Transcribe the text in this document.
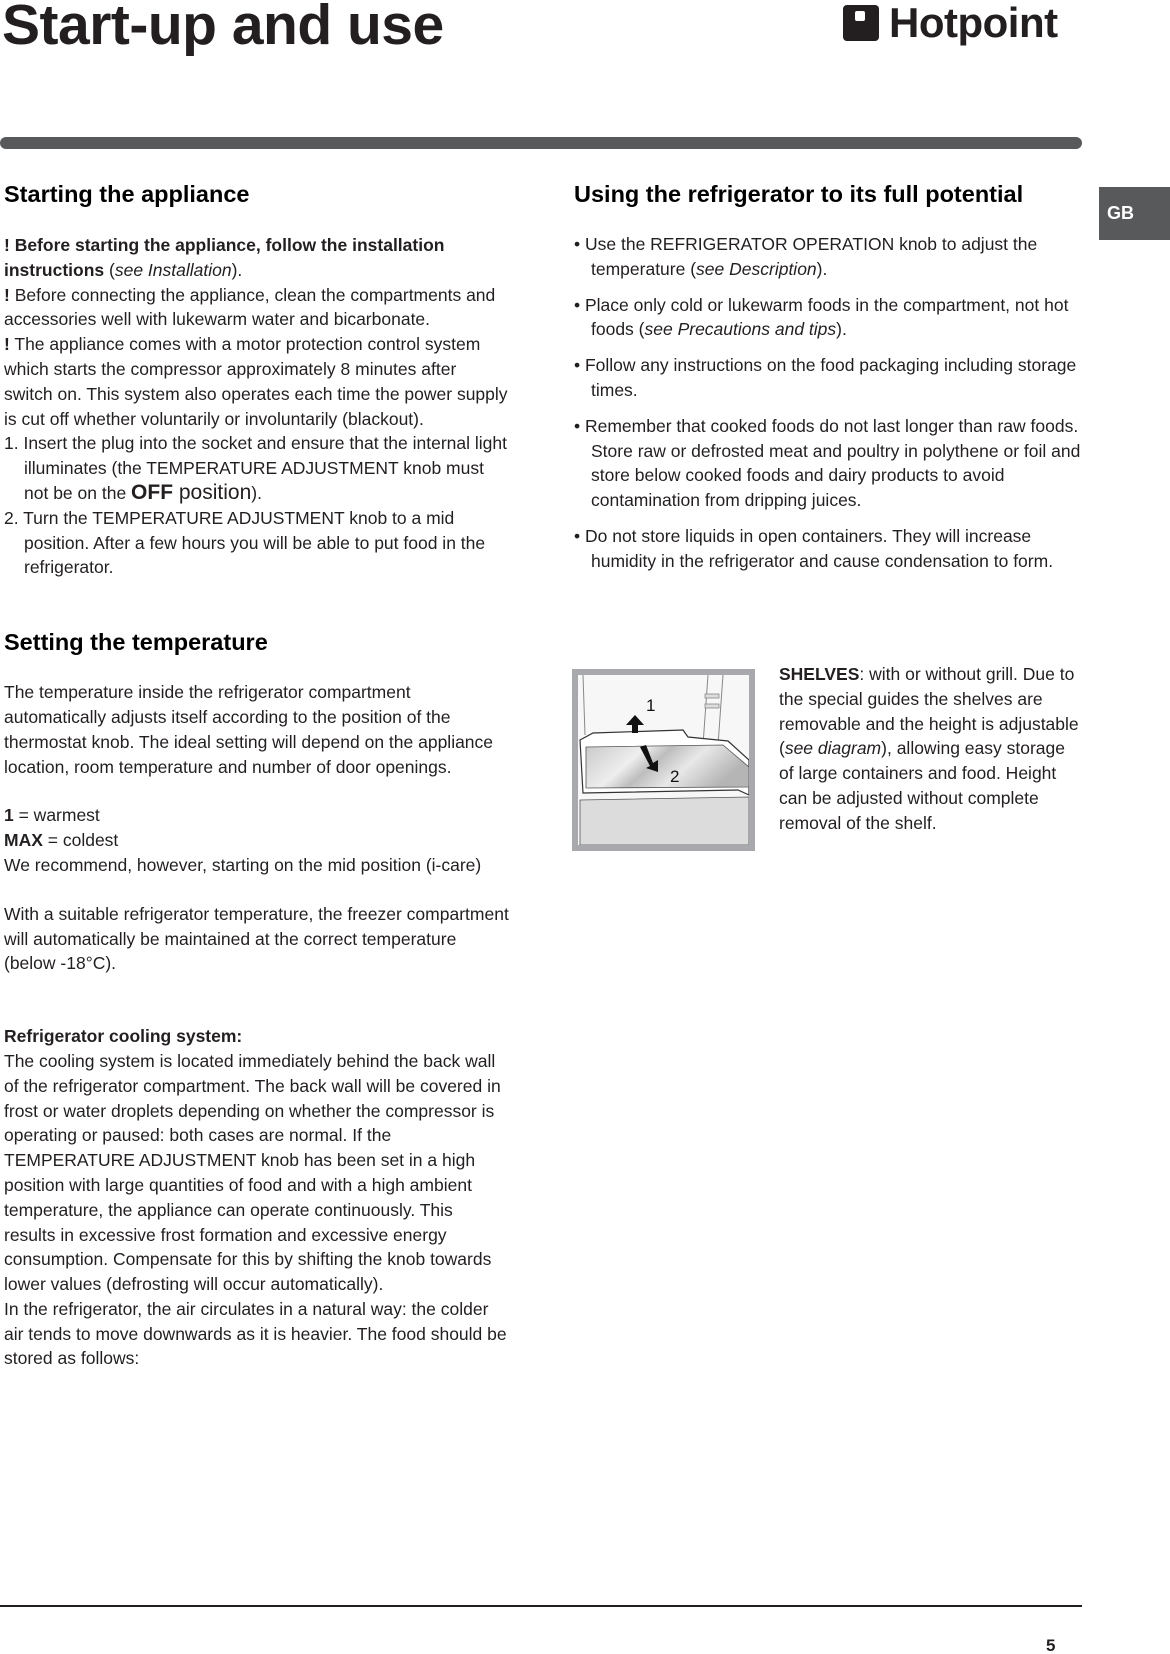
Start-up and use	Hotpoint
GB
Starting the appliance

! Before starting the appliance, follow the installation instructions (see Installation).

! Before connecting the appliance, clean the compartments and accessories well with lukewarm water and bicarbonate.

! The appliance comes with a motor protection control system which starts the compressor approximately 8 minutes after switch on. This system also operates each time the power supply is cut off whether voluntarily or involuntarily (blackout).

1. Insert the plug into the socket and ensure that the internal light illuminates (the TEMPERATURE ADJUSTMENT knob must not be on the OFF position).

2. Turn the TEMPERATURE ADJUSTMENT knob to a mid position. After a few hours you will be able to put food in the refrigerator.

Setting the temperature

The temperature inside the refrigerator compartment automatically adjusts itself according to the position of the thermostat knob. The ideal setting will depend on the appliance location, room temperature and number of door openings.

1 = warmest

MAX = coldest

We recommend, however, starting on the mid position (i-care)

With a suitable refrigerator temperature, the freezer compartment will automatically be maintained at the correct temperature (below -18°C).

Refrigerator cooling system:

The cooling system is located immediately behind the back wall of the refrigerator compartment. The back wall will be covered in frost or water droplets depending on whether the compressor is operating or paused: both cases are normal. If the TEMPERATURE ADJUSTMENT knob has been set in a high position with large quantities of food and with a high ambient temperature, the appliance can operate continuously. This results in excessive frost formation and excessive energy consumption. Compensate for this by shifting the knob towards lower values (defrosting will occur automatically).

In the refrigerator, the air circulates in a natural way: the colder air tends to move downwards as it is heavier. The food should be stored as follows:

Using the refrigerator to its full potential

• Use the REFRIGERATOR OPERATION knob to adjust the temperature (see Description).

• Place only cold or lukewarm foods in the compartment, not hot foods (see Precautions and tips).

• Follow any instructions on the food packaging including storage times.

• Remember that cooked foods do not last longer than raw foods. Store raw or defrosted meat and poultry in polythene or foil and store below cooked foods and dairy products to avoid contamination from dripping juices.

• Do not store liquids in open containers. They will increase humidity in the refrigerator and cause condensation to form.

1
2
SHELVES: with or without grill. Due to the special guides the shelves are removable and the height is adjustable (see diagram), allowing easy storage of large containers and food. Height can be adjusted without complete removal of the shelf.
5
